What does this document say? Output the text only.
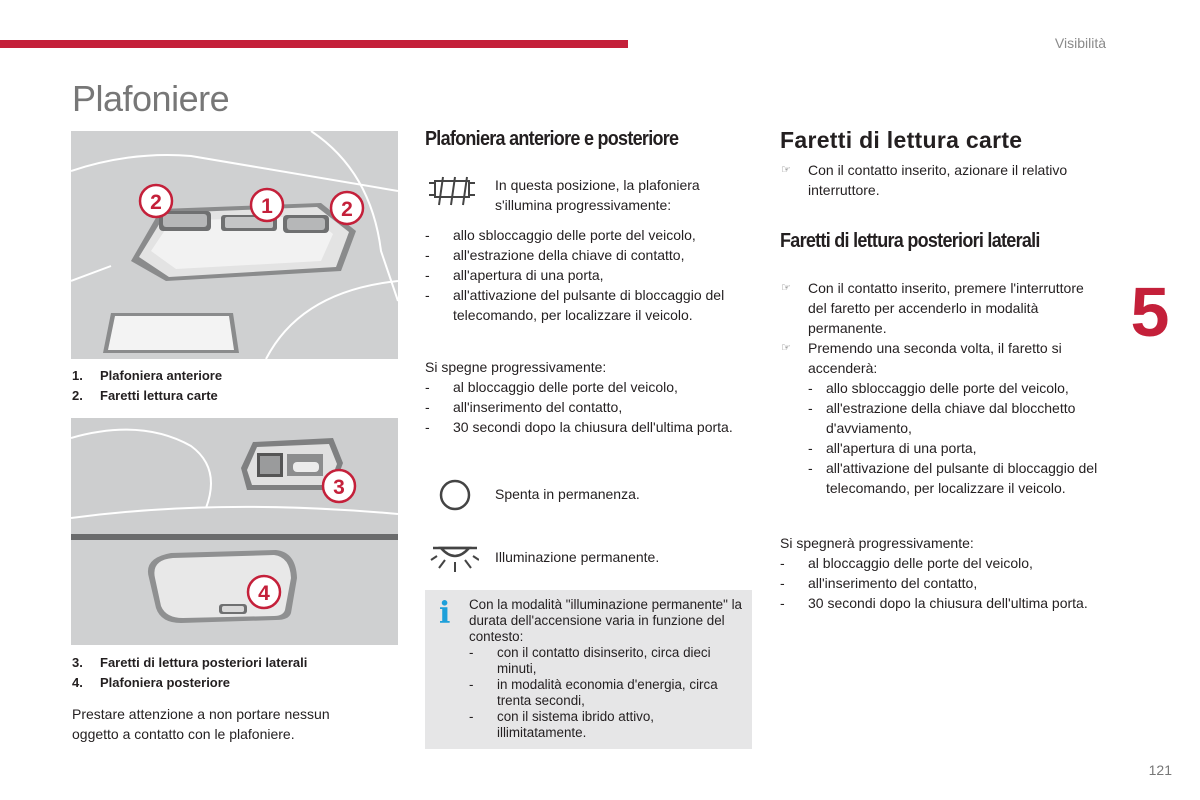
Visibilità
5
121
Plafoniere
2	1	2
1. Plafoniera anteriore
2. Faretti lettura carte
3
4
3. Faretti di lettura posteriori laterali
4. Plafoniera posteriore
Prestare attenzione a non portare nessun oggetto a contatto con le plafoniere.
Plafoniera anteriore e posteriore
In questa posizione, la plafoniera s'illumina progressivamente:
- allo sbloccaggio delle porte del veicolo,
- all'estrazione della chiave di contatto,
- all'apertura di una porta,
- all'attivazione del pulsante di bloccaggio del telecomando, per localizzare il veicolo.
Si spegne progressivamente:
- al bloccaggio delle porte del veicolo,
- all'inserimento del contatto,
- 30 secondi dopo la chiusura dell'ultima porta.
Spenta in permanenza.
Illuminazione permanente.
i Con la modalità "illuminazione permanente" la durata dell'accensione varia in funzione del contesto:
- con il contatto disinserito, circa dieci minuti,
- in modalità economia d'energia, circa trenta secondi,
- con il sistema ibrido attivo, illimitatamente.
Faretti di lettura carte
☞ Con il contatto inserito, azionare il relativo interruttore.
Faretti di lettura posteriori laterali
☞ Con il contatto inserito, premere l'interruttore del faretto per accenderlo in modalità permanente.
☞ Premendo una seconda volta, il faretto si accenderà:
- allo sbloccaggio delle porte del veicolo,
- all'estrazione della chiave dal blocchetto d'avviamento,
- all'apertura di una porta,
- all'attivazione del pulsante di bloccaggio del telecomando, per localizzare il veicolo.
Si spegnerà progressivamente:
- al bloccaggio delle porte del veicolo,
- all'inserimento del contatto,
- 30 secondi dopo la chiusura dell'ultima porta.
